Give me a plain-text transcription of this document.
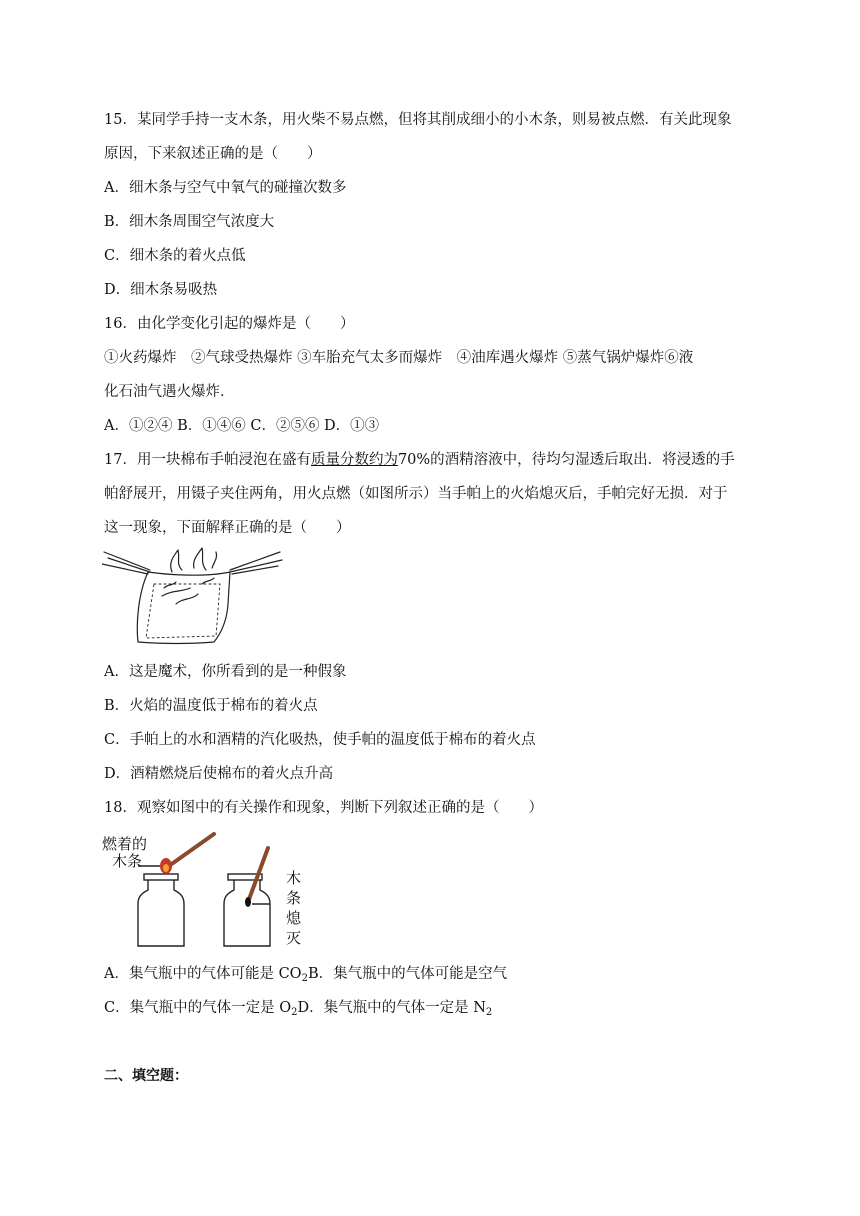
15．某同学手持一支木条，用火柴不易点燃，但将其削成细小的小木条，则易被点燃．有关此现象
原因，下来叙述正确的是（　　）
A．细木条与空气中氧气的碰撞次数多
B．细木条周围空气浓度大
C．细木条的着火点低
D．细木条易吸热
16．由化学变化引起的爆炸是（　　）
①火药爆炸　②气球受热爆炸 ③车胎充气太多而爆炸　④油库遇火爆炸 ⑤蒸气锅炉爆炸⑥液
化石油气遇火爆炸．
A．①②④ B．①④⑥ C．②⑤⑥ D．①③
17．用一块棉布手帕浸泡在盛有质量分数约为70%的酒精溶液中，待均匀湿透后取出．将浸透的手
帕舒展开，用镊子夹住两角，用火点燃（如图所示）当手帕上的火焰熄灭后，手帕完好无损．对于
这一现象，下面解释正确的是（　　）
A．这是魔术，你所看到的是一种假象
B．火焰的温度低于棉布的着火点
C．手帕上的水和酒精的汽化吸热，使手帕的温度低于棉布的着火点
D．酒精燃烧后使棉布的着火点升高
18．观察如图中的有关操作和现象，判断下列叙述正确的是（　　）
燃着的
木条
木
条
熄
灭
A．集气瓶中的气体可能是 $CO_2B$．集气瓶中的气体可能是空气
C．集气瓶中的气体一定是 $O_2D$．集气瓶中的气体一定是 $N_2$
二、填空题：
